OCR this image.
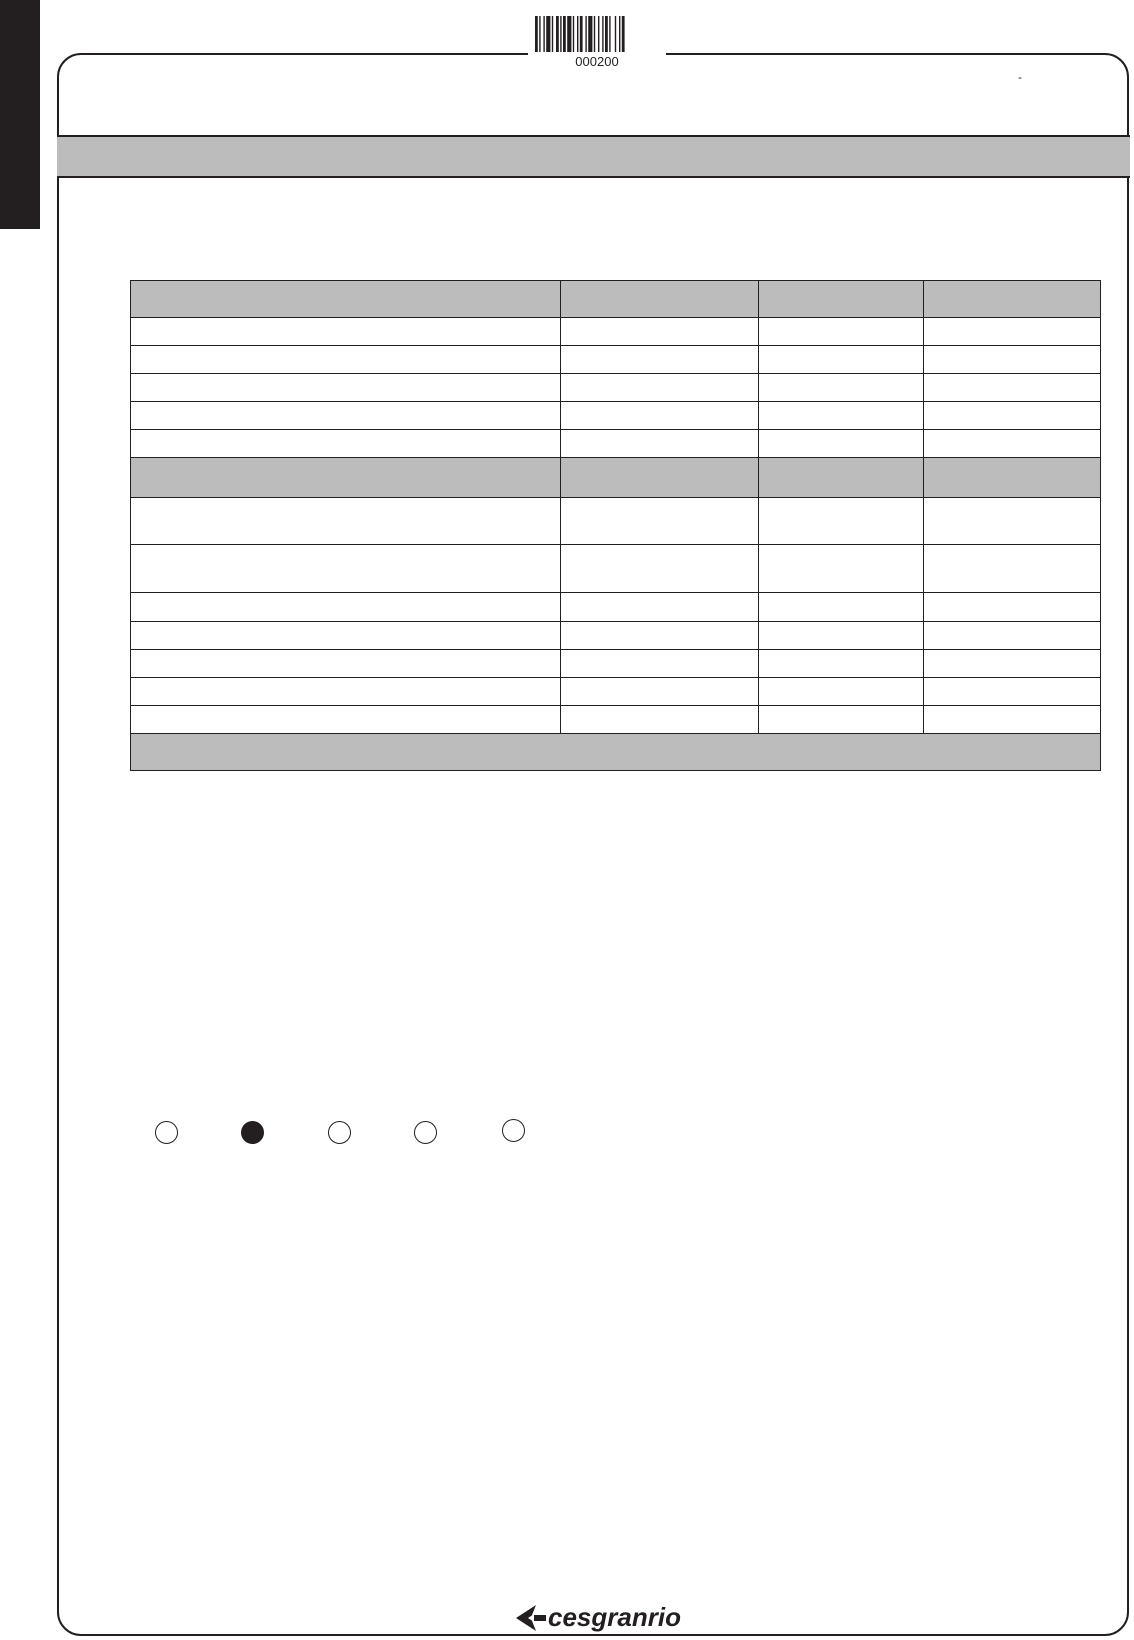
000200
-

cesgranrio
